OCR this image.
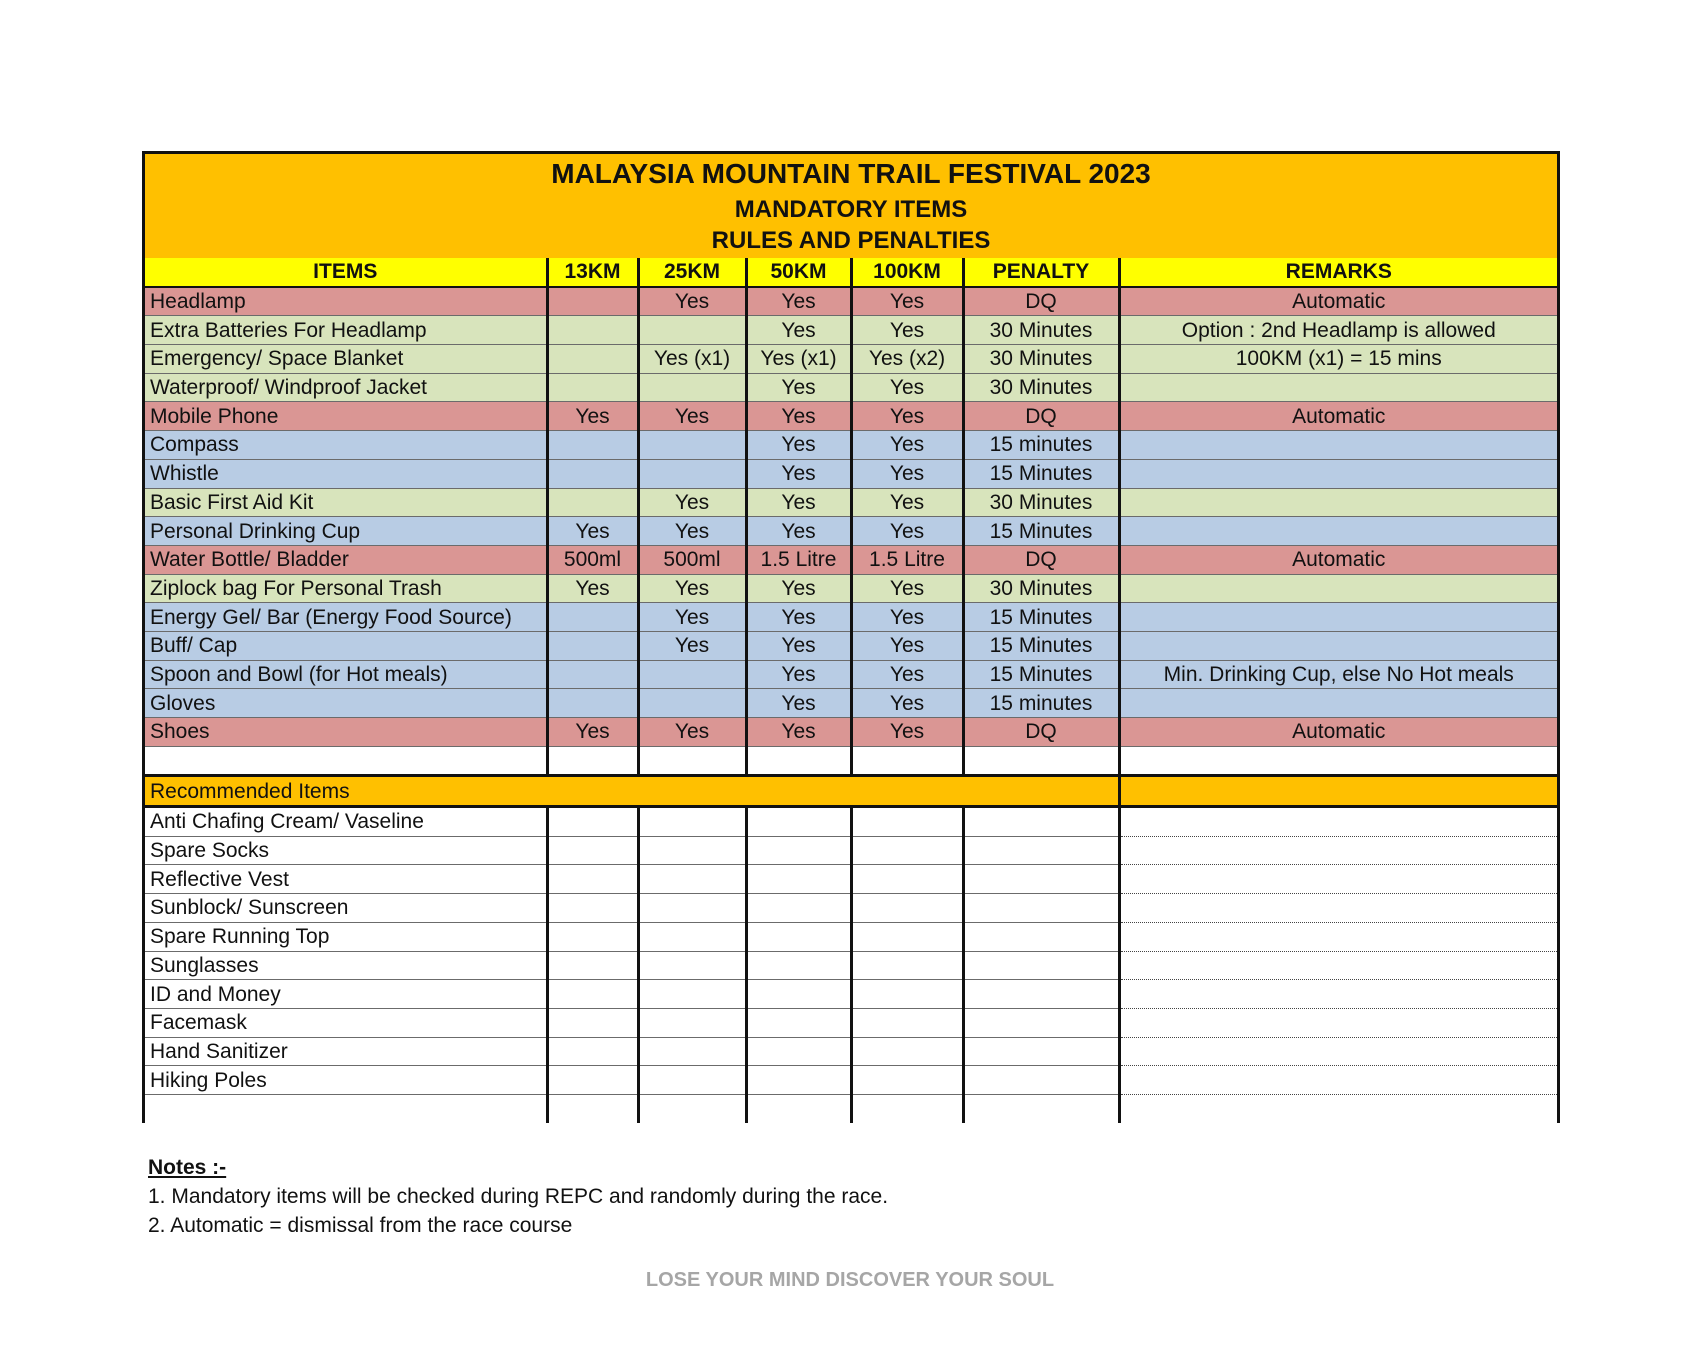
MALAYSIA MOUNTAIN TRAIL FESTIVAL 2023
MANDATORY ITEMS
RULES AND PENALTIES
ITEMS	13KM	25KM	50KM	100KM	PENALTY	REMARKS
Headlamp		Yes	Yes	Yes	DQ	Automatic
Extra Batteries For Headlamp			Yes	Yes	30 Minutes	Option : 2nd Headlamp is allowed
Emergency/ Space Blanket		Yes (x1)	Yes (x1)	Yes (x2)	30 Minutes	100KM (x1) = 15 mins
Waterproof/ Windproof Jacket			Yes	Yes	30 Minutes	
Mobile Phone	Yes	Yes	Yes	Yes	DQ	Automatic
Compass			Yes	Yes	15 minutes	
Whistle			Yes	Yes	15 Minutes	
Basic First Aid Kit		Yes	Yes	Yes	30 Minutes	
Personal Drinking Cup	Yes	Yes	Yes	Yes	15 Minutes	
Water Bottle/ Bladder	500ml	500ml	1.5 Litre	1.5 Litre	DQ	Automatic
Ziplock bag For Personal Trash	Yes	Yes	Yes	Yes	30 Minutes	
Energy Gel/ Bar (Energy Food Source)		Yes	Yes	Yes	15 Minutes	
Buff/ Cap		Yes	Yes	Yes	15 Minutes	
Spoon and Bowl (for Hot meals)			Yes	Yes	15 Minutes	Min. Drinking Cup, else No Hot meals
Gloves			Yes	Yes	15 minutes	
Shoes	Yes	Yes	Yes	Yes	DQ	Automatic

Recommended Items						
Anti Chafing Cream/ Vaseline						
Spare Socks						
Reflective Vest						
Sunblock/ Sunscreen						
Spare Running Top						
Sunglasses						
ID and Money						
Facemask						
Hand Sanitizer						
Hiking Poles						

Notes :-
1. Mandatory items will be checked during REPC and randomly during the race.
2. Automatic = dismissal from the race course
LOSE YOUR MIND DISCOVER YOUR SOUL
